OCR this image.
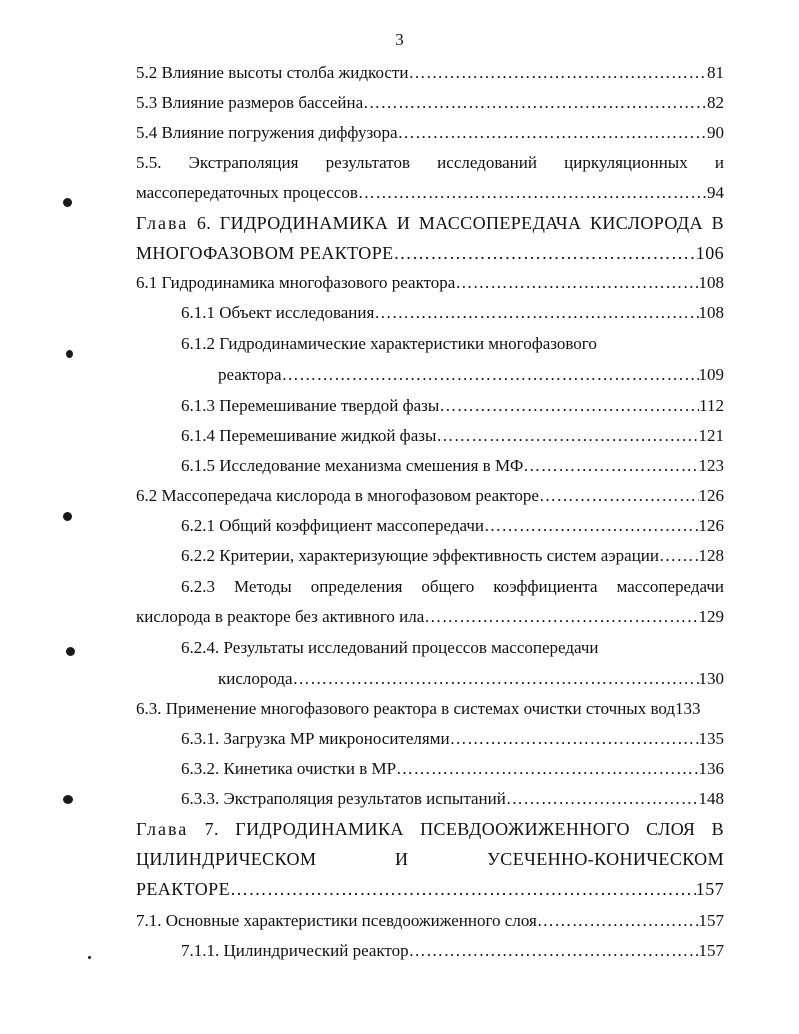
3
5.2 Влияние высоты столба жидкости ……………………………………………………………………………………………………………………………………………………	81
5.3 Влияние размеров бассейна ……………………………………………………………………………………………………………………………………………………	82
5.4 Влияние погружения диффузора ……………………………………………………………………………………………………………………………………………………	90
5.5. Экстраполяция результатов исследований циркуляционных и
массопередаточных процессов ……………………………………………………………………………………………………………………………………………………	94
Глава 6. ГИДРОДИНАМИКА И МАССОПЕРЕДАЧА КИСЛОРОДА В
МНОГОФАЗОВОМ РЕАКТОРЕ ……………………………………………………………………………………………………………………………………………………	106
6.1 Гидродинамика многофазового реактора ……………………………………………………………………………………………………………………………………………………	108
6.1.1 Объект исследования ……………………………………………………………………………………………………………………………………………………	108
6.1.2 Гидродинамические характеристики многофазового
реактора ……………………………………………………………………………………………………………………………………………………	109
6.1.3 Перемешивание твердой фазы ……………………………………………………………………………………………………………………………………………………	112
6.1.4 Перемешивание жидкой фазы ……………………………………………………………………………………………………………………………………………………	121
6.1.5 Исследование механизма смешения в МФ ……………………………………………………………………………………………………………………………………………………	123
6.2 Массопередача кислорода в многофазовом реакторе ……………………………………………………………………………………………………………………………………………………	126
6.2.1 Общий коэффициент массопередачи ……………………………………………………………………………………………………………………………………………………	126
6.2.2 Критерии, характеризующие эффективность систем аэрации …………………………………………………………………………………………………………………………………………………… 128
6.2.3 Методы определения общего коэффициента массопередачи
кислорода в реакторе без активного ила ……………………………………………………………………………………………………………………………………………………	129
6.2.4. Результаты исследований процессов массопередачи
кислорода ……………………………………………………………………………………………………………………………………………………	130
6.3. Применение многофазового реактора в системах очистки сточных вод133
6.3.1. Загрузка МР микроносителями ……………………………………………………………………………………………………………………………………………………	135
6.3.2. Кинетика очистки в МР ……………………………………………………………………………………………………………………………………………………	136
6.3.3. Экстраполяция результатов испытаний ……………………………………………………………………………………………………………………………………………………	148
Глава 7. ГИДРОДИНАМИКА ПСЕВДООЖИЖЕННОГО СЛОЯ В
ЦИЛИНДРИЧЕСКОМ И УСЕЧЕННО-КОНИЧЕСКОМ
РЕАКТОРЕ ……………………………………………………………………………………………………………………………………………………	157
7.1. Основные характеристики псевдоожиженного слоя ……………………………………………………………………………………………………………………………………………………	157
7.1.1. Цилиндрический реактор ……………………………………………………………………………………………………………………………………………………	157
